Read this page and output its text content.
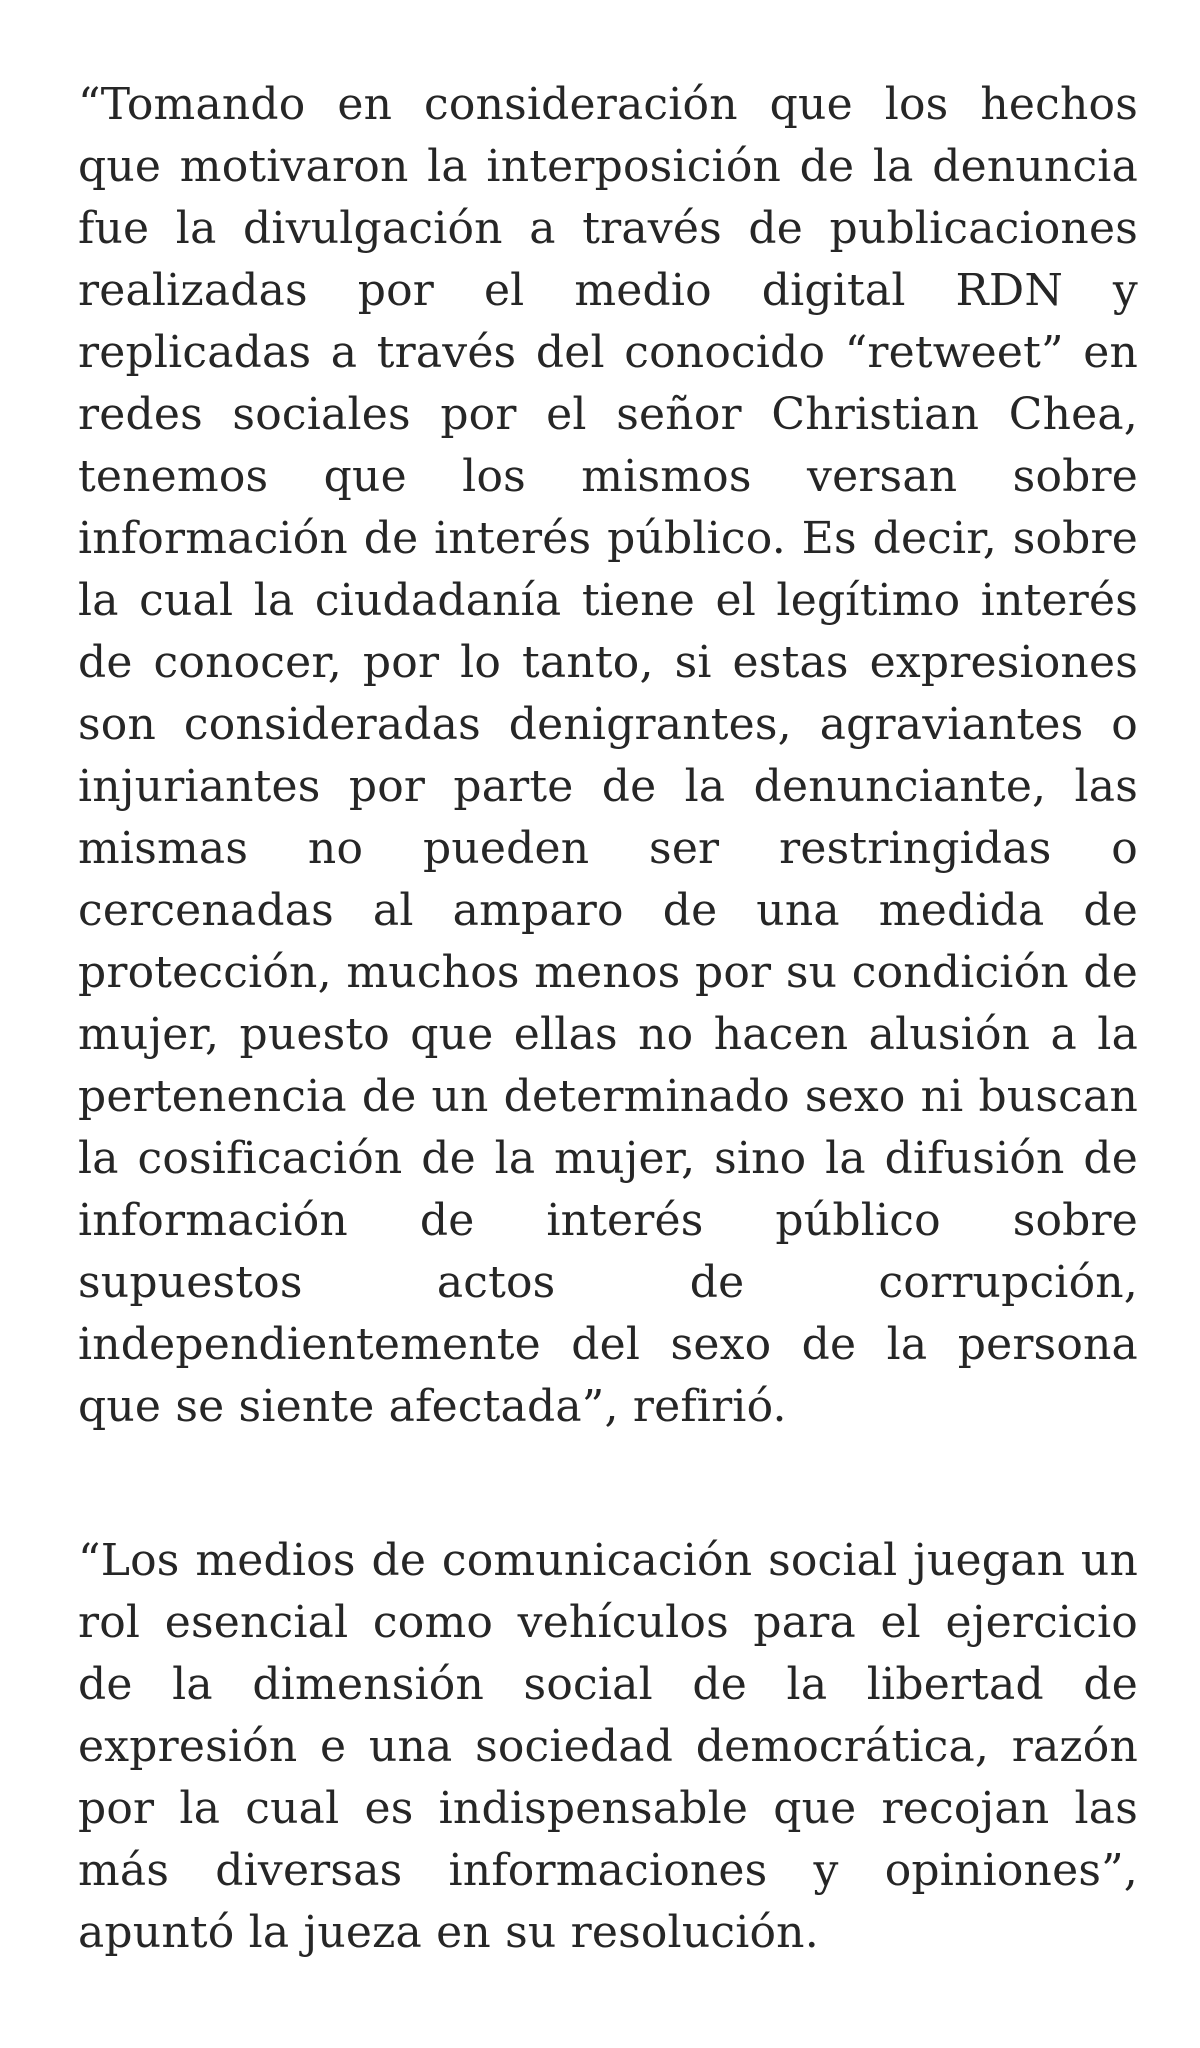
“Tomando en consideración que los hechos que motivaron la interposición de la denuncia fue la divulgación a través de publicaciones realizadas por el medio digital RDN y replicadas a través del conocido “retweet” en redes sociales por el señor Christian Chea, tenemos que los mismos versan sobre información de interés público. Es decir, sobre la cual la ciudadanía tiene el legítimo interés de conocer, por lo tanto, si estas expresiones son consideradas denigrantes, agraviantes o injuriantes por parte de la denunciante, las mismas no pueden ser restringidas o cercenadas al amparo de una medida de protección, muchos menos por su condición de mujer, puesto que ellas no hacen alusión a la pertenencia de un determinado sexo ni buscan la cosificación de la mujer, sino la difusión de información de interés público sobre supuestos actos de corrupción, independientemente del sexo de la persona que se siente afectada”, refirió.

“Los medios de comunicación social juegan un rol esencial como vehículos para el ejercicio de la dimensión social de la libertad de expresión e una sociedad democrática, razón por la cual es indispensable que recojan las más diversas informaciones y opiniones”, apuntó la jueza en su resolución.
